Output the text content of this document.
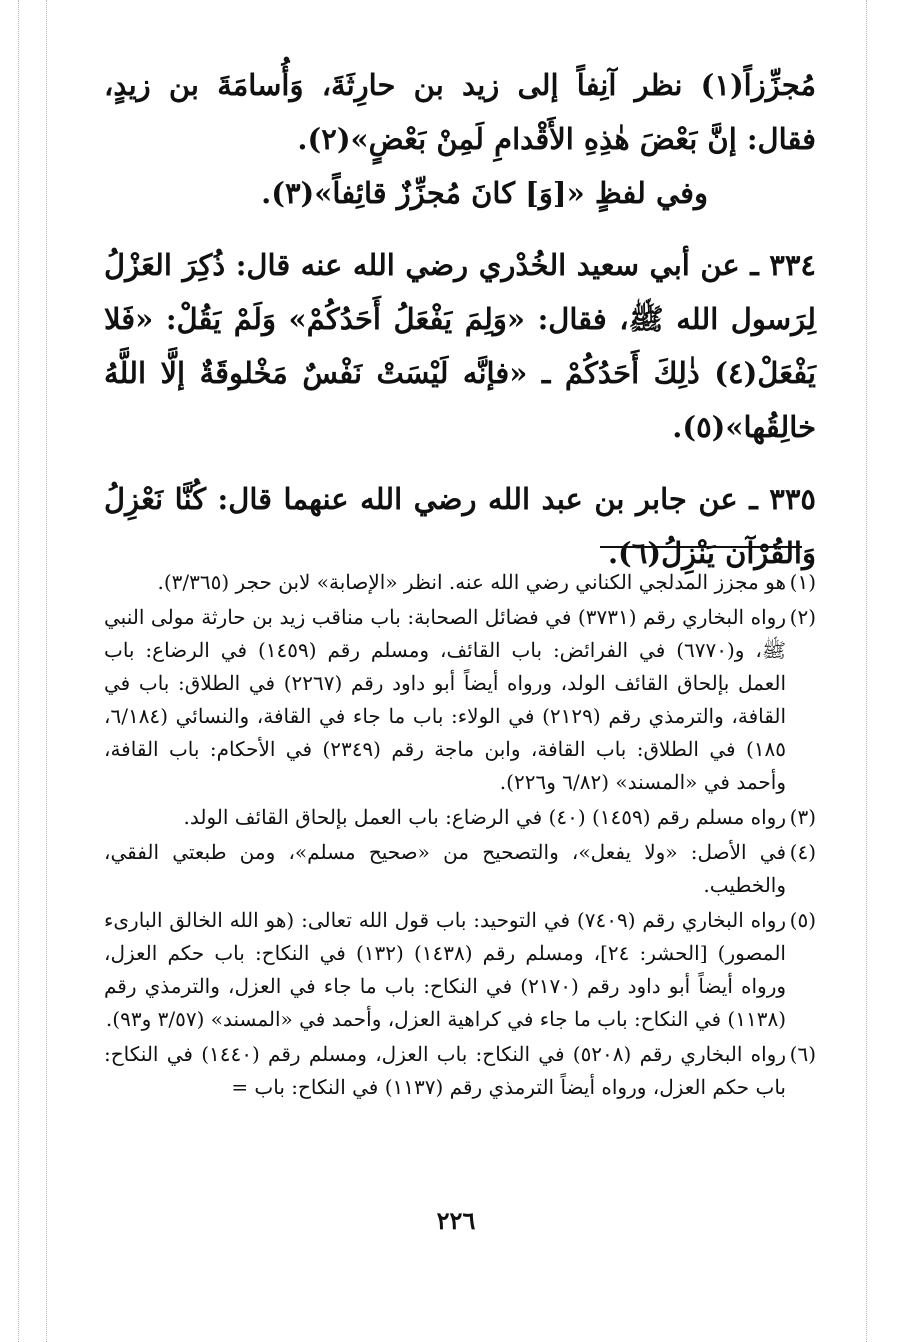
مُجزِّزاً(١) نظر آنِفاً إلى زيد بن حارِثَةَ، وَأُسامَةَ بن زيدٍ، فقال: إنَّ بَعْضَ هٰذِهِ الأَقْدامِ لَمِنْ بَعْضٍ»(٢).

وفي لفظٍ «[وَ] كانَ مُجزِّزٌ قائِفاً»(٣).

٣٣٤ ـ عن أبي سعيد الخُدْري رضي الله عنه قال: ذُكِرَ العَزْلُ لِرَسول الله ﷺ، فقال: «وَلِمَ يَفْعَلُ أَحَدُكُمْ» وَلَمْ يَقُلْ: «فَلا يَفْعَلْ(٤) ذٰلِكَ أَحَدُكُمْ ـ «فإنَّه لَيْسَتْ نَفْسٌ مَخْلوقَةٌ إلَّا اللَّهُ خالِقُها»(٥).

٣٣٥ ـ عن جابر بن عبد الله رضي الله عنهما قال: كُنَّا نَعْزِلُ وَالقُرْآن يَنْزِلُ(٦).

(١)
هو مجزز المدلجي الكناني رضي الله عنه. انظر «الإصابة» لابن حجر (٣/٣٦٥).
(٢)
رواه البخاري رقم (٣٧٣١) في فضائل الصحابة: باب مناقب زيد بن حارثة مولى النبي ﷺ، و(٦٧٧٠) في الفرائض: باب القائف، ومسلم رقم (١٤٥٩) في الرضاع: باب العمل بإلحاق القائف الولد، ورواه أيضاً أبو داود رقم (٢٢٦٧) في الطلاق: باب في القافة، والترمذي رقم (٢١٢٩) في الولاء: باب ما جاء في القافة، والنسائي (٦/١٨٤، ١٨٥) في الطلاق: باب القافة، وابن ماجة رقم (٢٣٤٩) في الأحكام: باب القافة، وأحمد في «المسند» (٦/٨٢ و٢٢٦).
(٣)
رواه مسلم رقم (١٤٥٩) (٤٠) في الرضاع: باب العمل بإلحاق القائف الولد.
(٤)
في الأصل: «ولا يفعل»، والتصحيح من «صحيح مسلم»، ومن طبعتي الفقي، والخطيب.
(٥)
رواه البخاري رقم (٧٤٠٩) في التوحيد: باب قول الله تعالى: (هو الله الخالق البارىء المصور) [الحشر: ٢٤]، ومسلم رقم (١٤٣٨) (١٣٢) في النكاح: باب حكم العزل، ورواه أيضاً أبو داود رقم (٢١٧٠) في النكاح: باب ما جاء في العزل، والترمذي رقم (١١٣٨) في النكاح: باب ما جاء في كراهية العزل، وأحمد في «المسند» (٣/٥٧ و٩٣).
(٦)
رواه البخاري رقم (٥٢٠٨) في النكاح: باب العزل، ومسلم رقم (١٤٤٠) في النكاح: باب حكم العزل، ورواه أيضاً الترمذي رقم (١١٣٧) في النكاح: باب =
٢٢٦
